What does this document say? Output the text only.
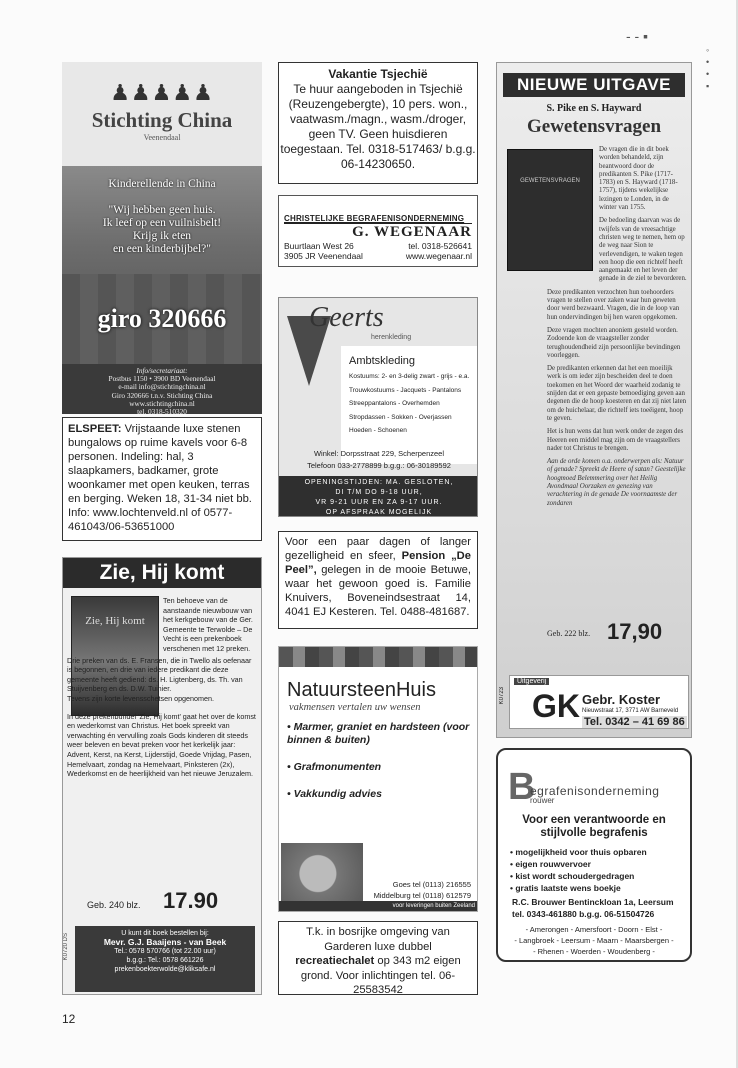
- - ▪
◦
•
•
▪
♟♟♟♟♟
Stichting China
Veenendaal
Kinderellende in China

"Wij hebben geen huis.
Ik leef op een vuilnisbelt!
Krijg ik eten
en een kinderbijbel?"
giro 320666
Info/secretariaat:
Postbus 1150 • 3900 BD Veenendaal
e-mail info@stichtingchina.nl
Giro 320666 t.n.v. Stichting China
www.stichtingchina.nl
tel. 0318-510320
ELSPEET: Vrijstaande luxe stenen bungalows op ruime kavels voor 6-8 personen. Indeling: hal, 3 slaapkamers, badkamer, grote woonkamer met open keuken, terras en berging. Weken 18, 31-34 niet bb. Info: www.lochtenveld.nl of 0577-461043/06-53651000
Zie, Hij komt
Zie, Hij komt
Ten behoeve van de aanstaande nieuwbouw van het kerkgebouw van de Ger. Gemeente te Terwolde – De Vecht is een prekenboek verschenen met 12 preken.
Drie preken van ds. E. Fransen, die in Twello als oefenaar is begonnen, en drie van iedere predikant die deze gemeente heeft gediend: ds. H. Ligtenberg, ds. Th. van Stuijvenberg en ds. D.W. Tuinier.
Tevens zijn korte levensschetsen opgenomen.
In deze prekenbundel 'Zie, Hij komt' gaat het over de komst en wederkomst van Christus. Het boek spreekt van verwachting én vervulling zoals Gods kinderen dit steeds weer beleven en bevat preken voor het kerkelijk jaar: Advent, Kerst, na Kerst, Lijderstijd, Goede Vrijdag, Pasen, Hemelvaart, zondag na Hemelvaart, Pinksteren (2x), Wederkomst en de heerlijkheid van het nieuwe Jeruzalem.
Geb. 240 blz. 17.90
U kunt dit boek bestellen bij:
Mevr. G.J. Baaijens - van Beek
Tel.: 0578 570766 (tot 22.00 uur)
b.g.g.: Tel.: 0578 661226
prekenboekterwolde@kliksafe.nl
K0720 DS
Vakantie Tsjechië
Te huur aangeboden in Tsjechië (Reuzengebergte), 10 pers. won., vaatwasm./magn., wasm./droger, geen TV. Geen huisdieren toegestaan. Tel. 0318-517463/ b.g.g. 06-14230650.
CHRISTELIJKE BEGRAFENISONDERNEMING
G. WEGENAAR
Buurtlaan West 26	tel. 0318-526641
3905 JR Veenendaal	www.wegenaar.nl
Geerts
herenkleding
Ambtskleding
Kostuums: 2- en 3-delig zwart - grijs - e.a.
Trouwkostuums - Jacquets - Pantalons
Streeppantalons - Overhemden
Stropdassen - Sokken - Overjassen
Hoeden - Schoenen
Winkel: Dorpsstraat 229, Scherpenzeel
Telefoon 033-2778899 b.g.g.: 06-30189592
OPENINGSTIJDEN: MA. GESLOTEN,
DI T/M DO 9-18 UUR,
VR 9-21 UUR EN ZA 9-17 UUR.
OP AFSPRAAK MOGELIJK
Voor een paar dagen of langer gezelligheid en sfeer, Pension „De Peel”, gelegen in de mooie Betuwe, waar het gewoon goed is. Familie Knuivers, Boveneindsestraat 14, 4041 EJ Kesteren. Tel. 0488-481687.
NatuursteenHuis
vakmensen vertalen uw wensen
• Marmer, graniet en hardsteen (voor binnen & buiten)
• Grafmonumenten
• Vakkundig advies
Goes tel (0113) 216555
Middelburg tel (0118) 612579
voor leveringen buiten Zeeland
T.k. in bosrijke omgeving van Garderen luxe dubbel recreatiechalet op 343 m2 eigen grond. Voor inlichtingen tel. 06-25583542
NIEUWE UITGAVE
S. Pike en S. Hayward
Gewetensvragen
GEWETENSVRAGEN

De vragen die in dit boek worden behandeld, zijn beantwoord door de predikanten S. Pike (1717-1783) en S. Hayward (1718-1757), tijdens wekelijkse lezingen te Londen, in de winter van 1755.

De bedoeling daarvan was de twijfels van de vreesachtige christen weg te nemen, hem op de weg naar Sion te verlevendigen, te waken tegen een hoop die een richtelf heeft aangemaakt en het leven der genade in de ziel te bevorderen.

Deze predikanten verzochten hun toehoorders vragen te stellen over zaken waar hun geweten door werd bezwaard. Vragen, die in de loop van hun ondervindingen bij hen waren opgekomen.

Deze vragen mochten anoniem gesteld worden. Zodoende kon de vraagsteller zonder terughoudendheid zijn persoonlijke bevindingen voorleggen.

De predikanten erkennen dat het een moeilijk werk is om ieder zijn bescheiden deel te doen toekomen en het Woord der waarheid zodanig te snijden dat er een gepaste bemoediging geven aan degenen die de hoop koesteren en dat zij niet laten om de huichelaar, die richtelf iets toeëigent, hoop te geven.

Het is hun wens dat hun werk onder de zegen des Heeren een middel mag zijn om de vraagstellers nader tot Christus te brengen.

Aan de orde komen o.a. onderwerpen als: Natuur of genade? Spreekt de Heere of satan? Geestelijke hoogmoed Belemmering over het Heilig Avondmaal Oorzaken en genezing van verachtering in de genade De voornaamste der zondaren

Geb. 222 blz. 17,90
Uitgeverij
GK Gebr. Koster
Nieuwstraat 17, 3771 AW Barneveld
Tel. 0342 – 41 69 86
K0723
B
egrafenisonderneming
rouwer
Voor een verantwoorde en stijlvolle begrafenis
• mogelijkheid voor thuis opbaren
• eigen rouwvervoer
• kist wordt schoudergedragen
• gratis laatste wens boekje
R.C. Brouwer Bentinckloan 1a, Leersum
tel. 0343-461880 b.g.g. 06-51504726
- Amerongen - Amersfoort - Doorn - Elst -
- Langbroek - Leersum - Maarn - Maarsbergen -
- Rhenen - Woerden - Woudenberg -
12
